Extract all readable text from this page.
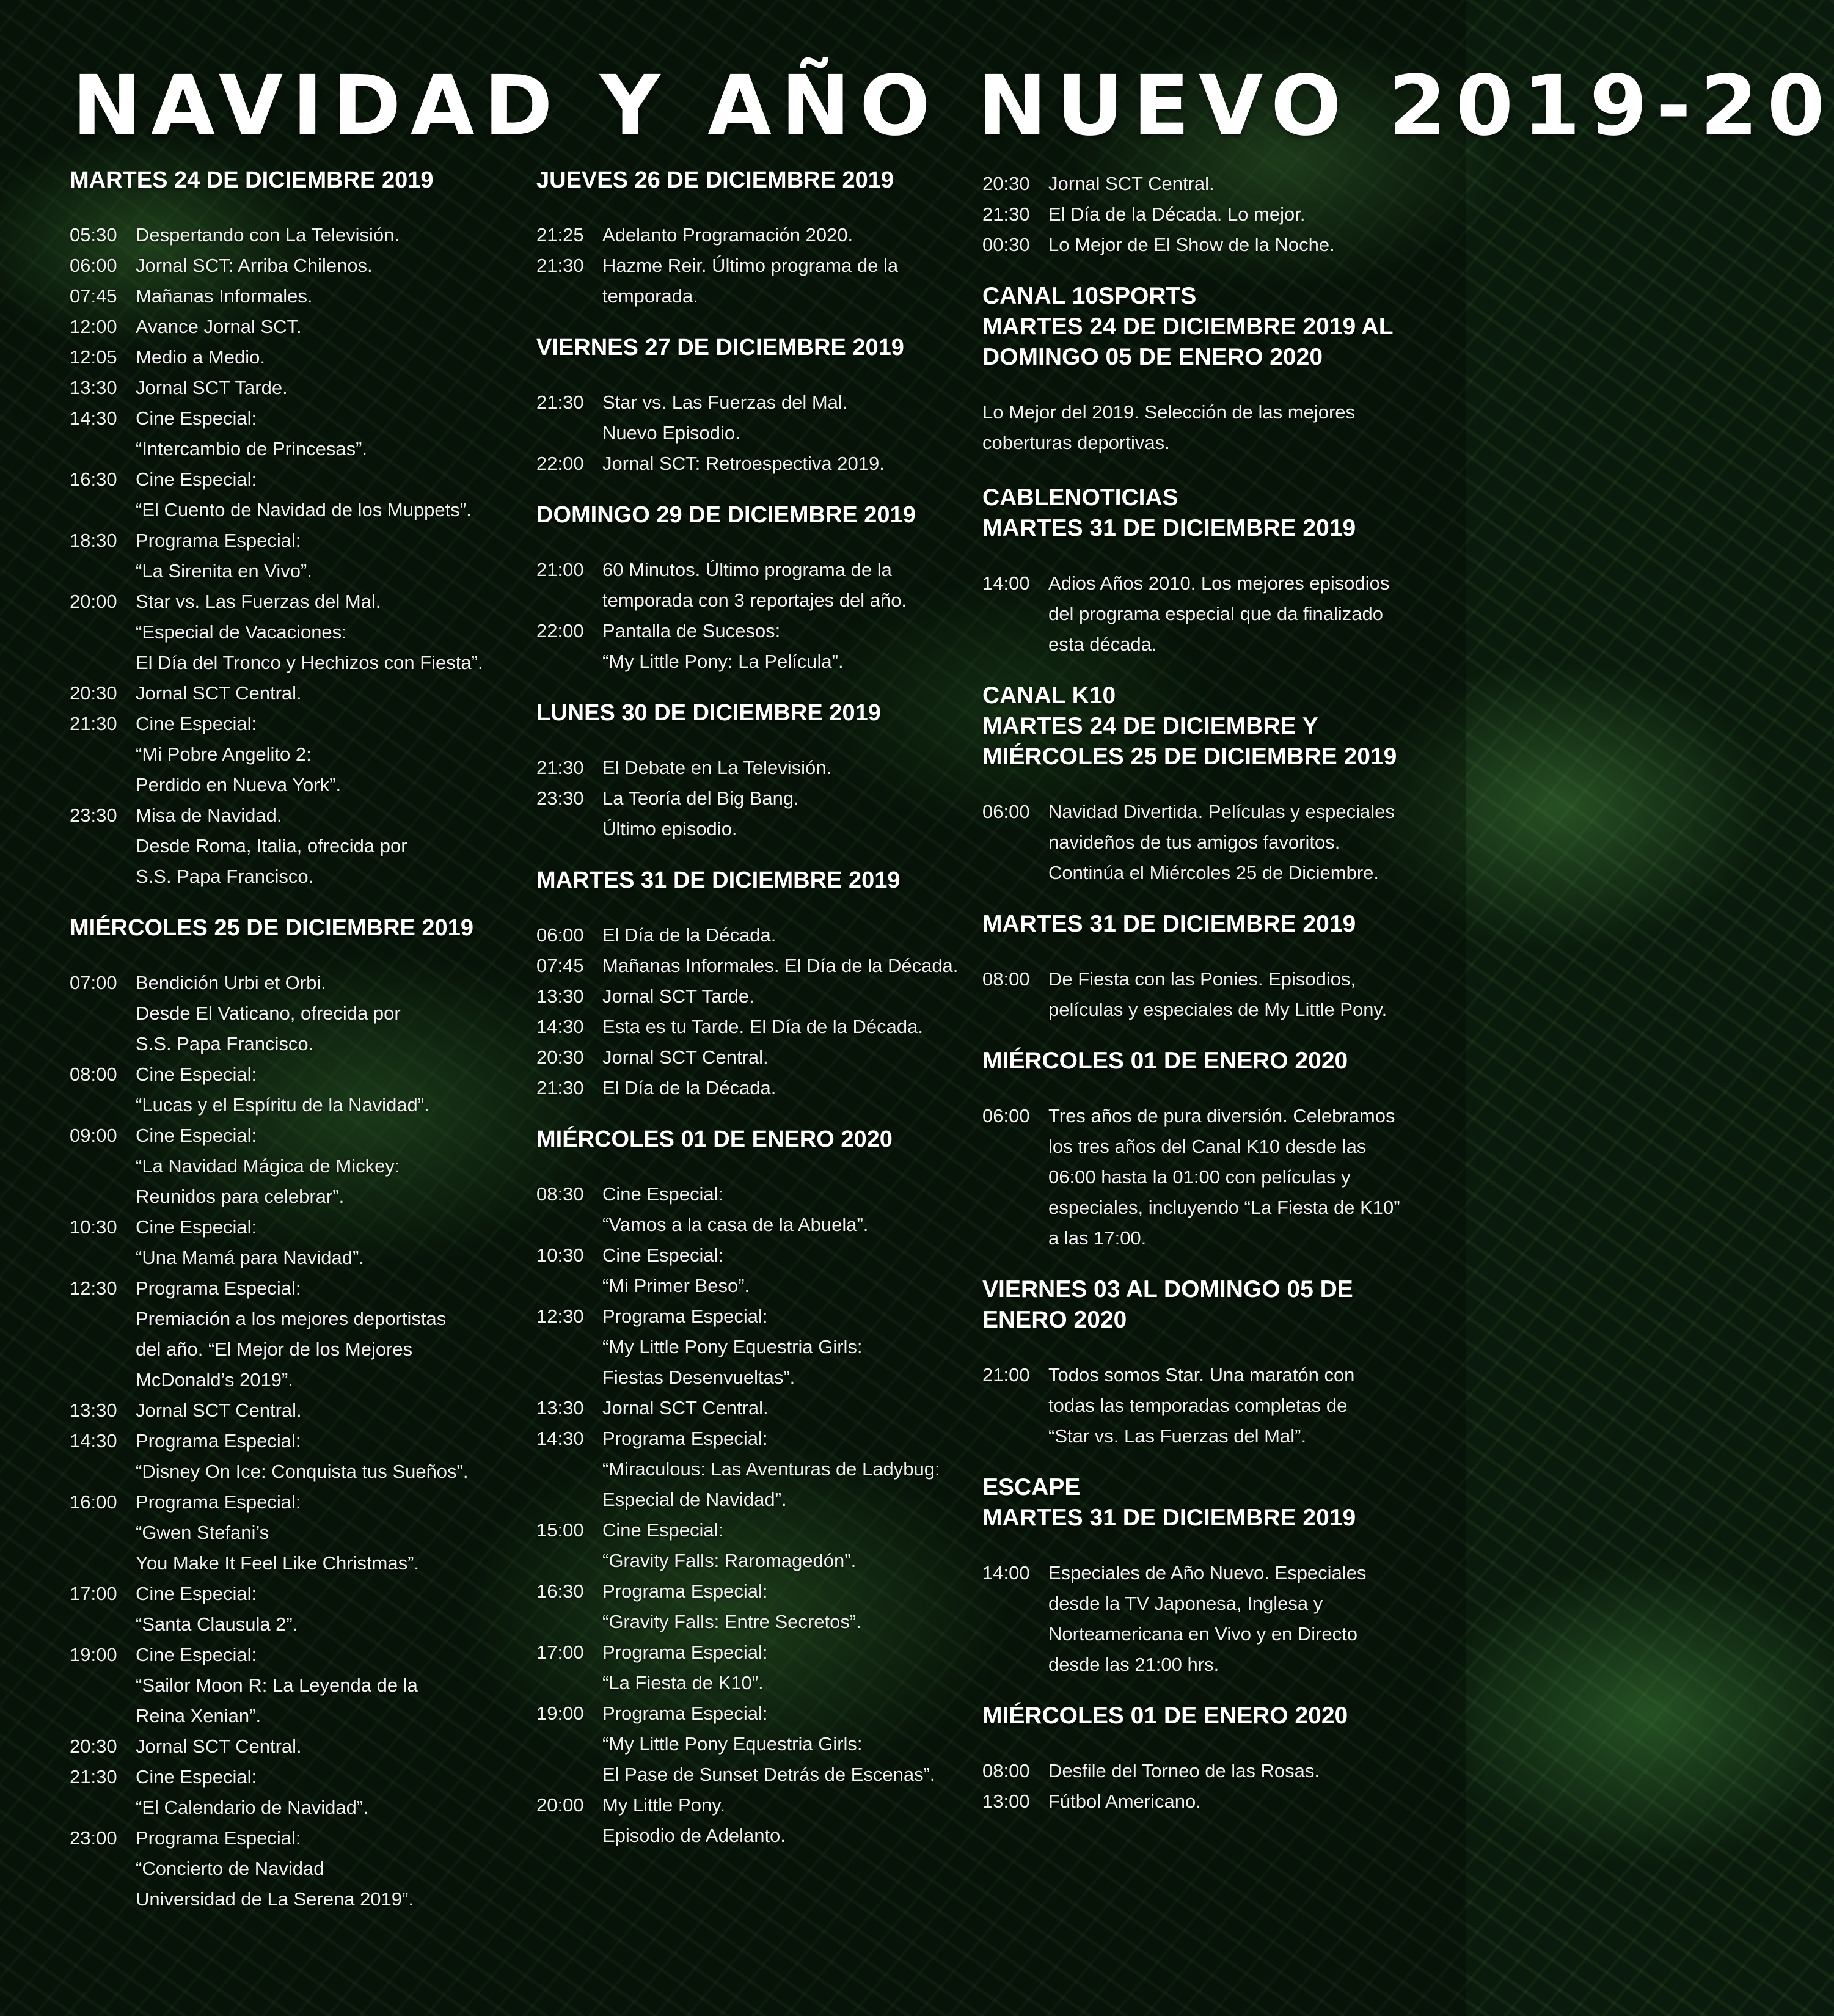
NAVIDAD Y AÑO NUEVO 2019-20
MARTES 24 DE DICIEMBRE 2019
05:30 Despertando con La Televisión.
06:00 Jornal SCT: Arriba Chilenos.
07:45 Mañanas Informales.
12:00 Avance Jornal SCT.
12:05 Medio a Medio.
13:30 Jornal SCT Tarde.
14:30 Cine Especial:
“Intercambio de Princesas”.
16:30 Cine Especial:
“El Cuento de Navidad de los Muppets”.
18:30 Programa Especial:
“La Sirenita en Vivo”.
20:00 Star vs. Las Fuerzas del Mal.
“Especial de Vacaciones:
El Día del Tronco y Hechizos con Fiesta”.
20:30 Jornal SCT Central.
21:30 Cine Especial:
“Mi Pobre Angelito 2:
Perdido en Nueva York”.
23:30 Misa de Navidad.
Desde Roma, Italia, ofrecida por
S.S. Papa Francisco.
MIÉRCOLES 25 DE DICIEMBRE 2019
07:00 Bendición Urbi et Orbi.
Desde El Vaticano, ofrecida por
S.S. Papa Francisco.
08:00 Cine Especial:
“Lucas y el Espíritu de la Navidad”.
09:00 Cine Especial:
“La Navidad Mágica de Mickey:
Reunidos para celebrar”.
10:30 Cine Especial:
“Una Mamá para Navidad”.
12:30 Programa Especial:
Premiación a los mejores deportistas
del año. “El Mejor de los Mejores
McDonald’s 2019”.
13:30 Jornal SCT Central.
14:30 Programa Especial:
“Disney On Ice: Conquista tus Sueños”.
16:00 Programa Especial:
“Gwen Stefani’s
You Make It Feel Like Christmas”.
17:00 Cine Especial:
“Santa Clausula 2”.
19:00 Cine Especial:
“Sailor Moon R: La Leyenda de la
Reina Xenian”.
20:30 Jornal SCT Central.
21:30 Cine Especial:
“El Calendario de Navidad”.
23:00 Programa Especial:
“Concierto de Navidad
Universidad de La Serena 2019”.
JUEVES 26 DE DICIEMBRE 2019
21:25 Adelanto Programación 2020.
21:30 Hazme Reir. Último programa de la
temporada.
VIERNES 27 DE DICIEMBRE 2019
21:30 Star vs. Las Fuerzas del Mal.
Nuevo Episodio.
22:00 Jornal SCT: Retroespectiva 2019.
DOMINGO 29 DE DICIEMBRE 2019
21:00 60 Minutos. Último programa de la
temporada con 3 reportajes del año.
22:00 Pantalla de Sucesos:
“My Little Pony: La Película”.
LUNES 30 DE DICIEMBRE 2019
21:30 El Debate en La Televisión.
23:30 La Teoría del Big Bang.
Último episodio.
MARTES 31 DE DICIEMBRE 2019
06:00 El Día de la Década.
07:45 Mañanas Informales. El Día de la Década.
13:30 Jornal SCT Tarde.
14:30 Esta es tu Tarde. El Día de la Década.
20:30 Jornal SCT Central.
21:30 El Día de la Década.
MIÉRCOLES 01 DE ENERO 2020
08:30 Cine Especial:
“Vamos a la casa de la Abuela”.
10:30 Cine Especial:
“Mi Primer Beso”.
12:30 Programa Especial:
“My Little Pony Equestria Girls:
Fiestas Desenvueltas”.
13:30 Jornal SCT Central.
14:30 Programa Especial:
“Miraculous: Las Aventuras de Ladybug:
Especial de Navidad”.
15:00 Cine Especial:
“Gravity Falls: Raromagedón”.
16:30 Programa Especial:
“Gravity Falls: Entre Secretos”.
17:00 Programa Especial:
“La Fiesta de K10”.
19:00 Programa Especial:
“My Little Pony Equestria Girls:
El Pase de Sunset Detrás de Escenas”.
20:00 My Little Pony.
Episodio de Adelanto.
20:30 Jornal SCT Central.
21:30 El Día de la Década. Lo mejor.
00:30 Lo Mejor de El Show de la Noche.
CANAL 10SPORTS
MARTES 24 DE DICIEMBRE 2019 AL
DOMINGO 05 DE ENERO 2020
Lo Mejor del 2019. Selección de las mejores
coberturas deportivas.
CABLENOTICIAS
MARTES 31 DE DICIEMBRE 2019
14:00 Adios Años 2010. Los mejores episodios
del programa especial que da finalizado
esta década.
CANAL K10
MARTES 24 DE DICIEMBRE Y
MIÉRCOLES 25 DE DICIEMBRE 2019
06:00 Navidad Divertida. Películas y especiales
navideños de tus amigos favoritos.
Continúa el Miércoles 25 de Diciembre.
MARTES 31 DE DICIEMBRE 2019
08:00 De Fiesta con las Ponies. Episodios,
películas y especiales de My Little Pony.
MIÉRCOLES 01 DE ENERO 2020
06:00 Tres años de pura diversión. Celebramos
los tres años del Canal K10 desde las
06:00 hasta la 01:00 con películas y
especiales, incluyendo “La Fiesta de K10”
a las 17:00.
VIERNES 03 AL DOMINGO 05 DE
ENERO 2020
21:00 Todos somos Star. Una maratón con
todas las temporadas completas de
“Star vs. Las Fuerzas del Mal”.
ESCAPE
MARTES 31 DE DICIEMBRE 2019
14:00 Especiales de Año Nuevo. Especiales
desde la TV Japonesa, Inglesa y
Norteamericana en Vivo y en Directo
desde las 21:00 hrs.
MIÉRCOLES 01 DE ENERO 2020
08:00 Desfile del Torneo de las Rosas.
13:00 Fútbol Americano.
